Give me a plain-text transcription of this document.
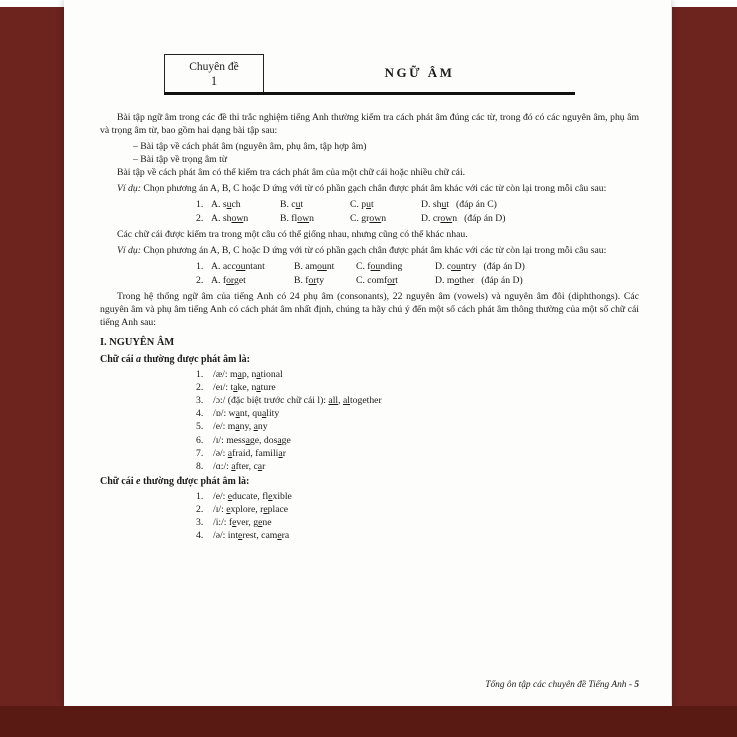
Chuyên đề
1
NGỮ ÂM

Bài tập ngữ âm trong các đề thi trắc nghiệm tiếng Anh thường kiểm tra cách phát âm đúng các từ, trong đó có các nguyên âm, phụ âm và trọng âm từ, bao gồm hai dạng bài tập sau:

– Bài tập về cách phát âm (nguyên âm, phụ âm, tập hợp âm)
– Bài tập về trọng âm từ

Bài tập về cách phát âm có thể kiểm tra cách phát âm của một chữ cái hoặc nhiều chữ cái.

Ví dụ: Chọn phương án A, B, C hoặc D ứng với từ có phần gạch chân được phát âm khác với các từ còn lại trong mỗi câu sau:

1. A. such	B. cut	C. put	D. shut (đáp án C)
2. A. shown	B. flown	C. grown	D. crown (đáp án D)

Các chữ cái được kiểm tra trong một câu có thể giống nhau, nhưng cũng có thể khác nhau.

Ví dụ: Chọn phương án A, B, C hoặc D ứng với từ có phần gạch chân được phát âm khác với các từ còn lại trong mỗi câu sau:

1. A. accountant	B. amount C. founding	D. country (đáp án D)
2. A. forget	B. forty	C. comfort	D. mother (đáp án D)

Trong hệ thống ngữ âm của tiếng Anh có 24 phụ âm (consonants), 22 nguyên âm (vowels) và nguyên âm đôi (diphthongs). Các nguyên âm và phụ âm tiếng Anh có cách phát âm nhất định, chúng ta hãy chú ý đến một số cách phát âm thông thường của một số chữ cái tiếng Anh sau:

I. NGUYÊN ÂM
Chữ cái a thường được phát âm là:
1. /æ/: map, national
2. /eɪ/: take, nature
3. /ɔ:/ (đặc biệt trước chữ cái l): all, altogether
4. /ɒ/: want, quality
5. /e/: many, any
6. /ɪ/: message, dosage
7. /ə/: afraid, familiar
8. /ɑ:/: after, car
Chữ cái e thường được phát âm là:
1. /e/: educate, flexible
2. /ɪ/: explore, replace
3. /i:/: fever, gene
4. /ə/: interest, camera
Tổng ôn tập các chuyên đề Tiếng Anh - 5
